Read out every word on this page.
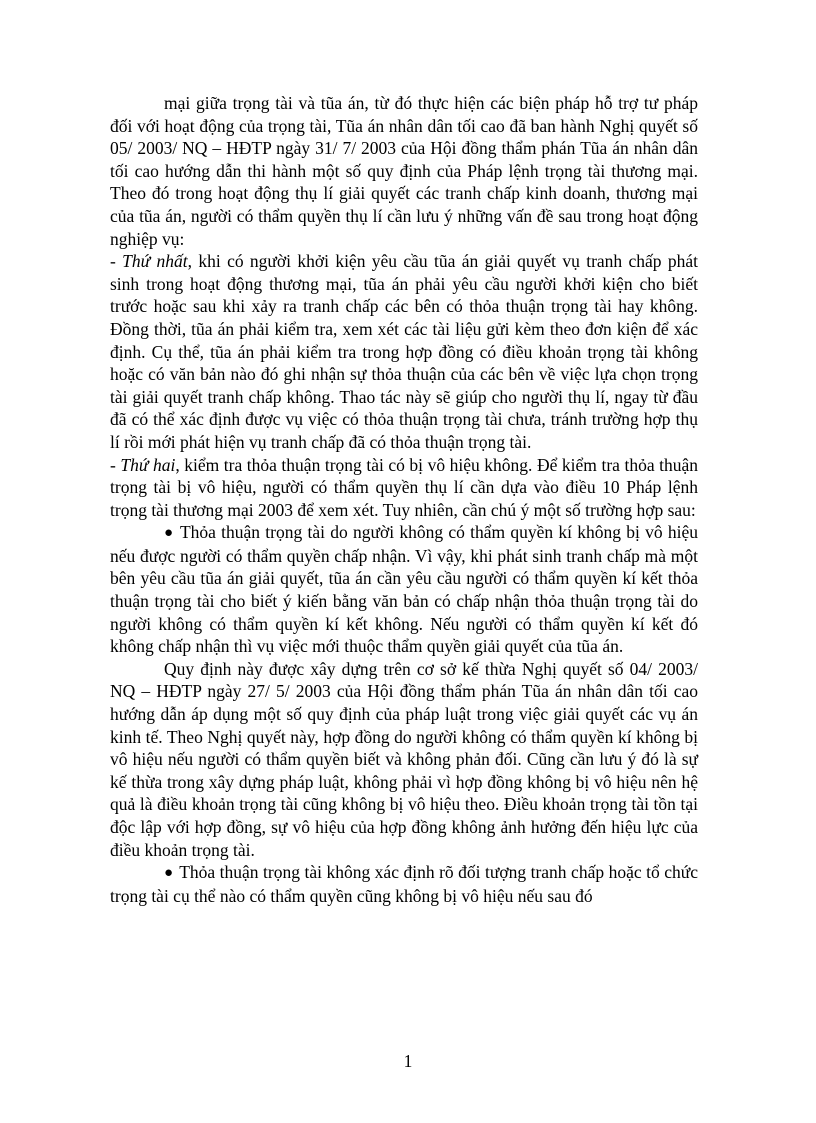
mại giữa trọng tài và tũa án, từ đó thực hiện các biện pháp hỗ trợ tư pháp đối với hoạt động của trọng tài, Tũa án nhân dân tối cao đã ban hành Nghị quyết số 05/ 2003/ NQ – HĐTP ngày 31/ 7/ 2003 của Hội đồng thẩm phán Tũa án nhân dân tối cao hướng dẫn thi hành một số quy định của Pháp lệnh trọng tài thương mại. Theo đó trong hoạt động thụ lí giải quyết các tranh chấp kinh doanh, thương mại của tũa án, người có thẩm quyền thụ lí cần lưu ý những vấn đề sau trong hoạt động nghiệp vụ:

- Thứ nhất, khi có người khởi kiện yêu cầu tũa án giải quyết vụ tranh chấp phát sinh trong hoạt động thương mại, tũa án phải yêu cầu người khởi kiện cho biết trước hoặc sau khi xảy ra tranh chấp các bên có thỏa thuận trọng tài hay không. Đồng thời, tũa án phải kiểm tra, xem xét các tài liệu gửi kèm theo đơn kiện để xác định. Cụ thể, tũa án phải kiểm tra trong hợp đồng có điều khoản trọng tài không hoặc có văn bản nào đó ghi nhận sự thỏa thuận của các bên về việc lựa chọn trọng tài giải quyết tranh chấp không. Thao tác này sẽ giúp cho người thụ lí, ngay từ đầu đã có thể xác định được vụ việc có thỏa thuận trọng tài chưa, tránh trường hợp thụ lí rồi mới phát hiện vụ tranh chấp đã có thỏa thuận trọng tài.

- Thứ hai, kiểm tra thỏa thuận trọng tài có bị vô hiệu không. Để kiểm tra thỏa thuận trọng tài bị vô hiệu, người có thẩm quyền thụ lí cần dựa vào điều 10 Pháp lệnh trọng tài thương mại 2003 để xem xét. Tuy nhiên, cần chú ý một số trường hợp sau:

● Thỏa thuận trọng tài do người không có thẩm quyền kí không bị vô hiệu nếu được người có thẩm quyền chấp nhận. Vì vậy, khi phát sinh tranh chấp mà một bên yêu cầu tũa án giải quyết, tũa án cần yêu cầu người có thẩm quyền kí kết thỏa thuận trọng tài cho biết ý kiến bằng văn bản có chấp nhận thỏa thuận trọng tài do người không có thẩm quyền kí kết không. Nếu người có thẩm quyền kí kết đó không chấp nhận thì vụ việc mới thuộc thẩm quyền giải quyết của tũa án.

Quy định này được xây dựng trên cơ sở kế thừa Nghị quyết số 04/ 2003/ NQ – HĐTP ngày 27/ 5/ 2003 của Hội đồng thẩm phán Tũa án nhân dân tối cao hướng dẫn áp dụng một số quy định của pháp luật trong việc giải quyết các vụ án kinh tế. Theo Nghị quyết này, hợp đồng do người không có thẩm quyền kí không bị vô hiệu nếu người có thẩm quyền biết và không phản đối. Cũng cần lưu ý đó là sự kế thừa trong xây dựng pháp luật, không phải vì hợp đồng không bị vô hiệu nên hệ quả là điều khoản trọng tài cũng không bị vô hiệu theo. Điều khoản trọng tài tồn tại độc lập với hợp đồng, sự vô hiệu của hợp đồng không ảnh hưởng đến hiệu lực của điều khoản trọng tài.

● Thỏa thuận trọng tài không xác định rõ đối tượng tranh chấp hoặc tổ chức trọng tài cụ thể nào có thẩm quyền cũng không bị vô hiệu nếu sau đó

1
